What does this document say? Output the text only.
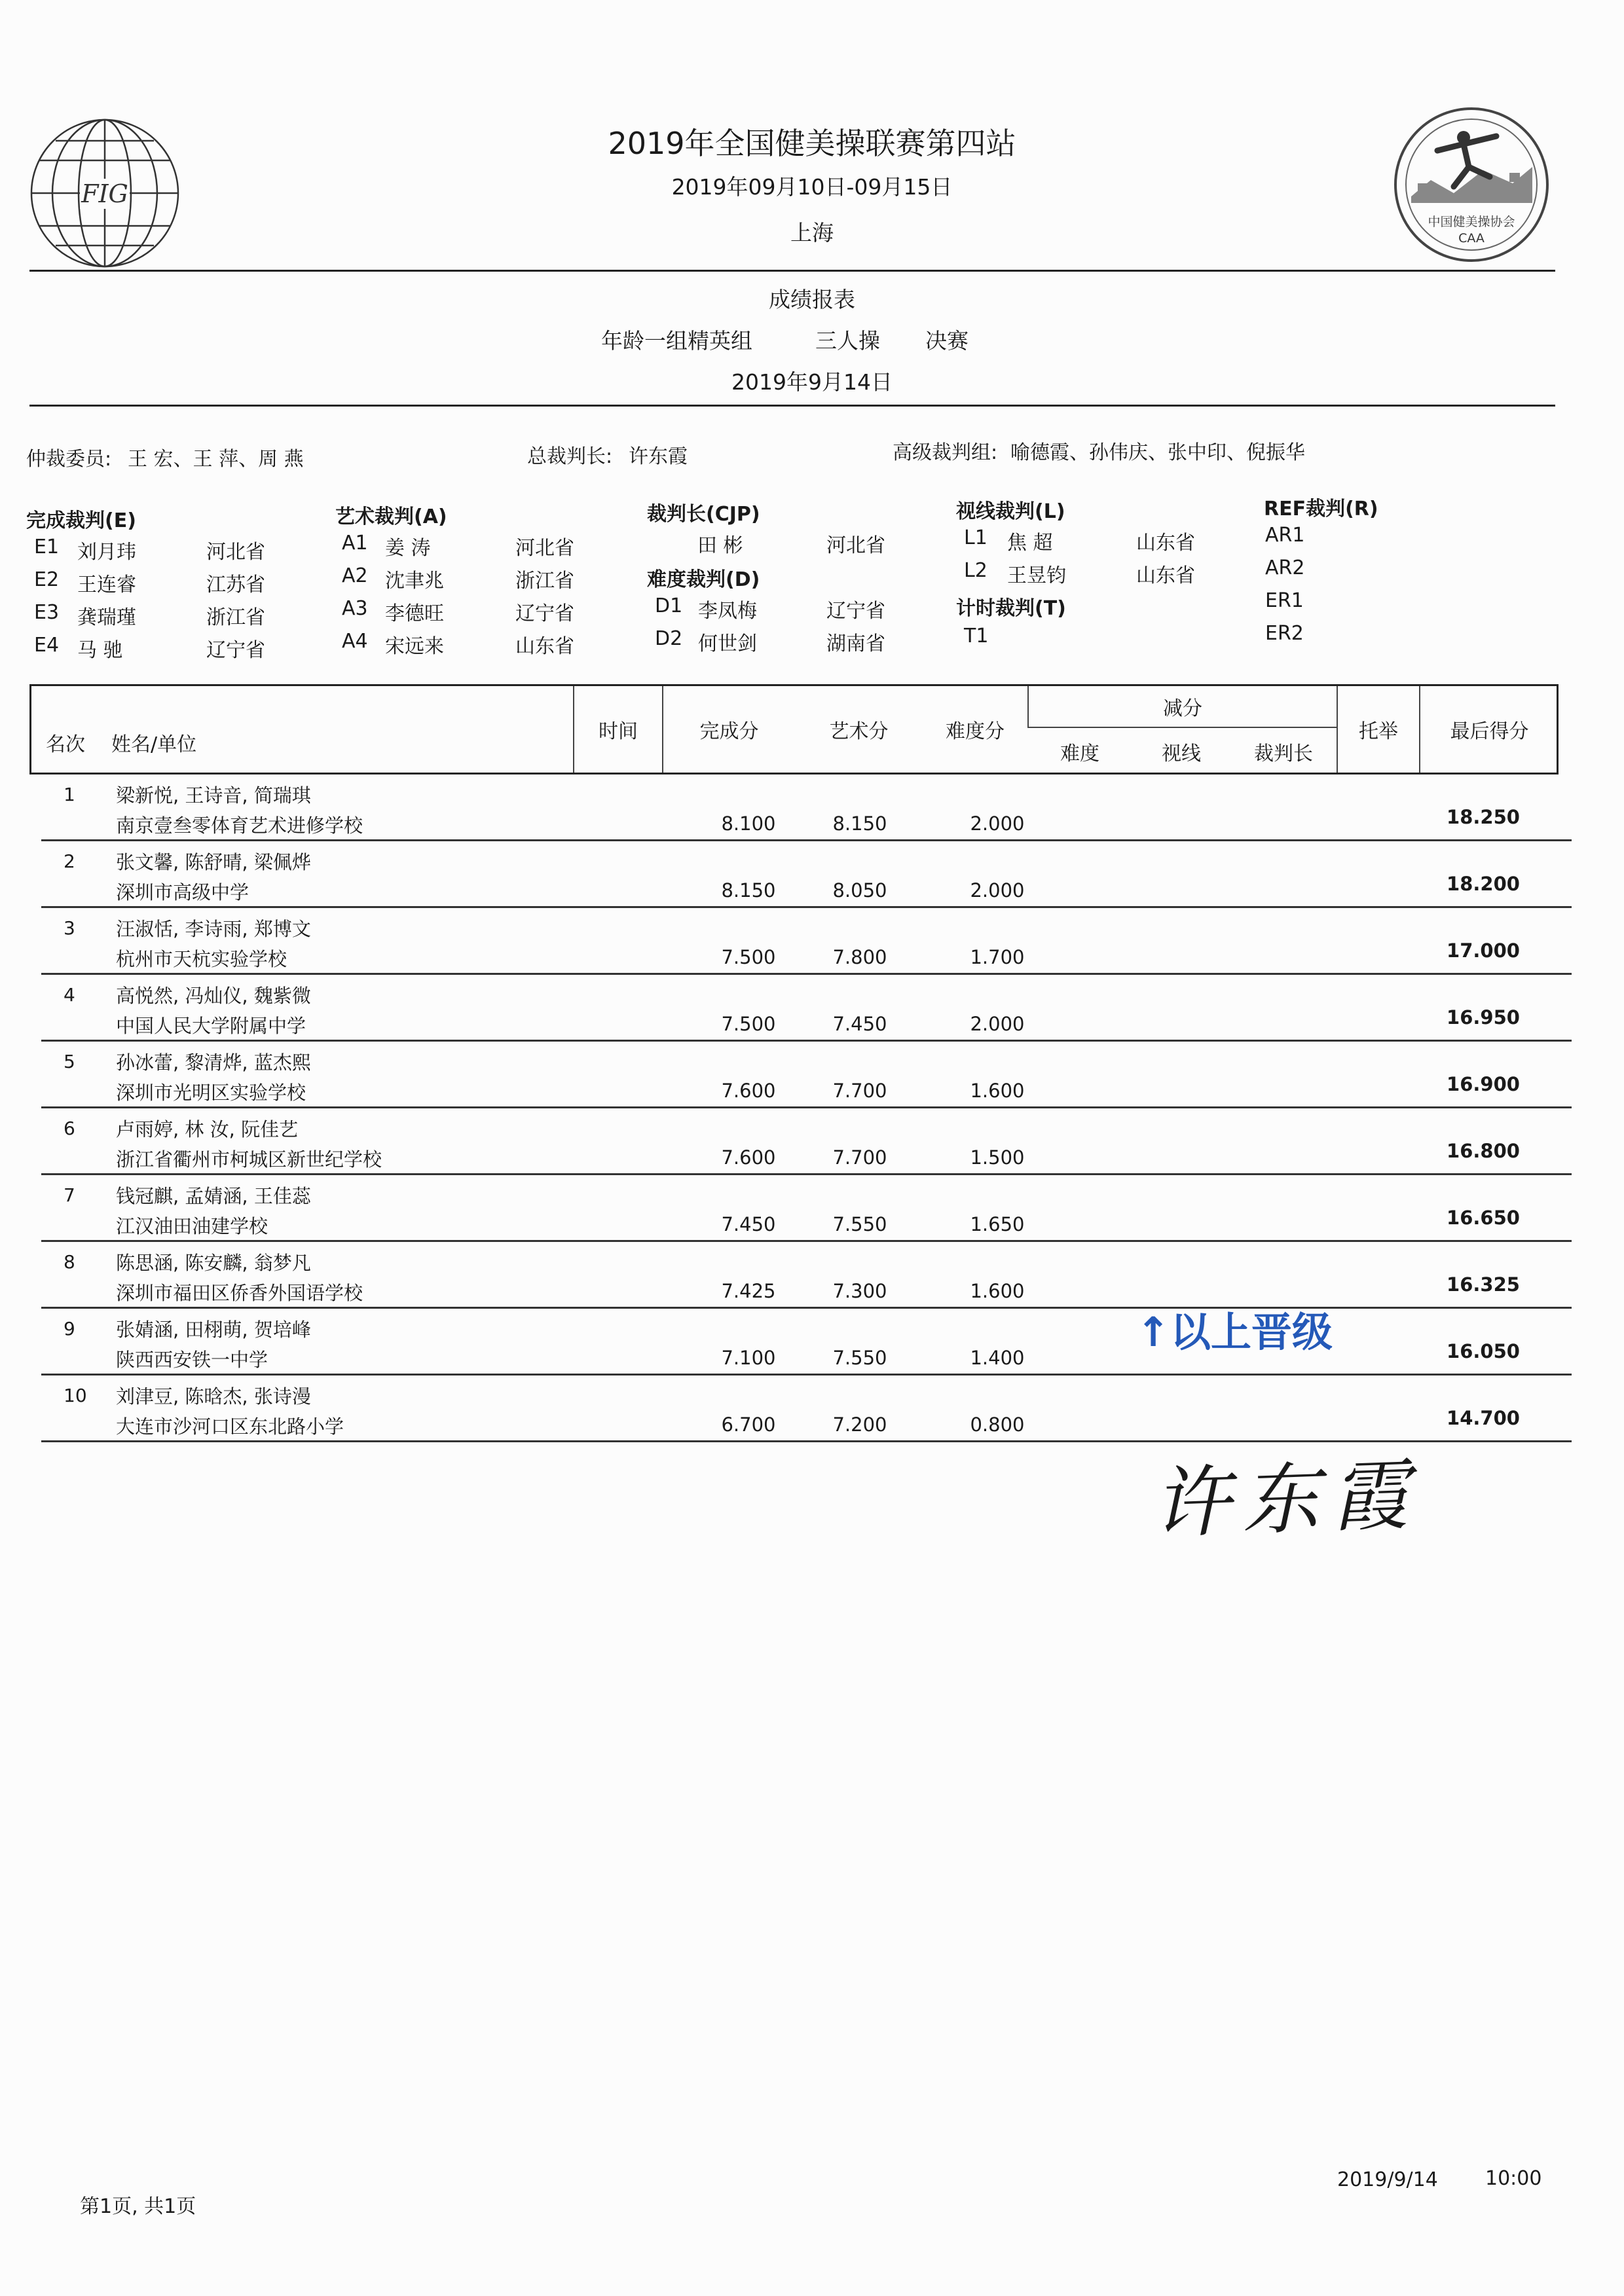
FIG
中国健美操协会
CAA
2019年全国健美操联赛第四站
2019年09月10日-09月15日
上海
成绩报表
年龄一组精英组	三人操 决赛
2019年9月14日
仲裁委员: 王 宏、王 萍、周 燕	总裁判长: 许东霞	高级裁判组: 喻德霞、孙伟庆、张中印、倪振华
完成裁判(E)
E1 刘月玮	河北省
E2 王连睿	江苏省
E3 龚瑞瑾	浙江省
E4 马 驰	辽宁省
艺术裁判(A)
A1 姜 涛	河北省
A2 沈聿兆	浙江省
A3 李德旺	辽宁省
A4 宋远来	山东省
裁判长(CJP)
田 彬	河北省
难度裁判(D)
D1 李凤梅	辽宁省
D2 何世剑	湖南省
视线裁判(L)
L1 焦 超	山东省
L2 王昱钧	山东省
计时裁判(T)
T1
REF裁判(R)
AR1
AR2
ER1
ER2
名次 姓名/单位
时间	完成分	艺术分	难度分
减分
难度	视线	裁判长
托举	最后得分
1 梁新悦, 王诗音, 简瑞琪
南京壹叁零体育艺术进修学校	8.100	8.150	2.000	18.250
2 张文馨, 陈舒晴, 梁佩烨
深圳市高级中学	8.150	8.050	2.000	18.200
3 汪淑恬, 李诗雨, 郑博文
杭州市天杭实验学校	7.500	7.800	1.700	17.000
4 高悦然, 冯灿仪, 魏紫微
中国人民大学附属中学	7.500	7.450	2.000	16.950
5 孙冰蕾, 黎清烨, 蓝杰熙
深圳市光明区实验学校	7.600	7.700	1.600	16.900
6 卢雨婷, 林 汝, 阮佳艺
浙江省衢州市柯城区新世纪学校	7.600	7.700	1.500	16.800
7 钱冠麒, 孟婧涵, 王佳蕊
江汉油田油建学校	7.450	7.550	1.650	16.650
8 陈思涵, 陈安麟, 翁梦凡
深圳市福田区侨香外国语学校	7.425	7.300	1.600	16.325
9 张婧涵, 田栩萌, 贺培峰
陕西西安铁一中学	7.100	7.550	1.400	16.050
10 刘津豆, 陈晗杰, 张诗漫
大连市沙河口区东北路小学	6.700	7.200	0.800	14.700
↑以上晋级
许东霞
第1页, 共1页
2019/9/14 10:00
